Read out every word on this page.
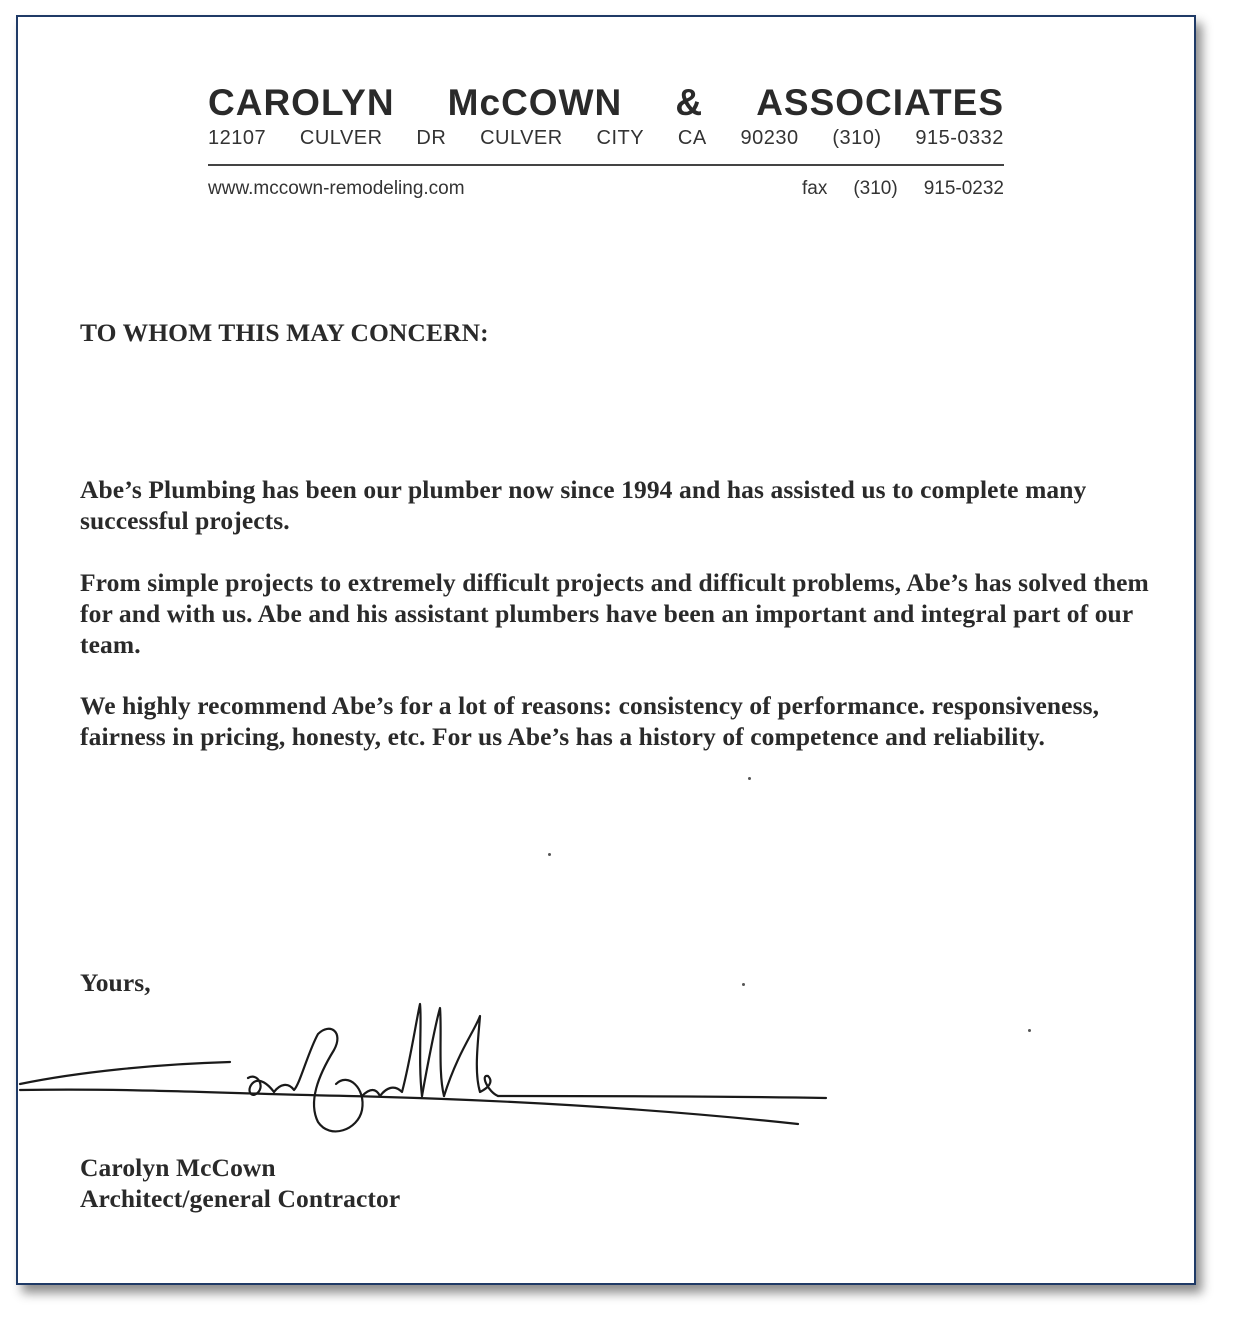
CAROLYN McCOWN & ASSOCIATES
12107 CULVER DR CULVER CITY CA 90230 (310) 915-0332
www.mccown-remodeling.com	fax (310) 915-0232
TO WHOM THIS MAY CONCERN:
Abe’s Plumbing has been our plumber now since 1994 and has assisted us to complete many successful projects.
From simple projects to extremely difficult projects and difficult problems, Abe’s has solved them for and with us. Abe and his assistant plumbers have been an important and integral part of our team.
We highly recommend Abe’s for a lot of reasons: consistency of performance. responsiveness, fairness in pricing, honesty, etc. For us Abe’s has a history of competence and reliability.
Yours,
Carolyn McCown
Architect/general Contractor
